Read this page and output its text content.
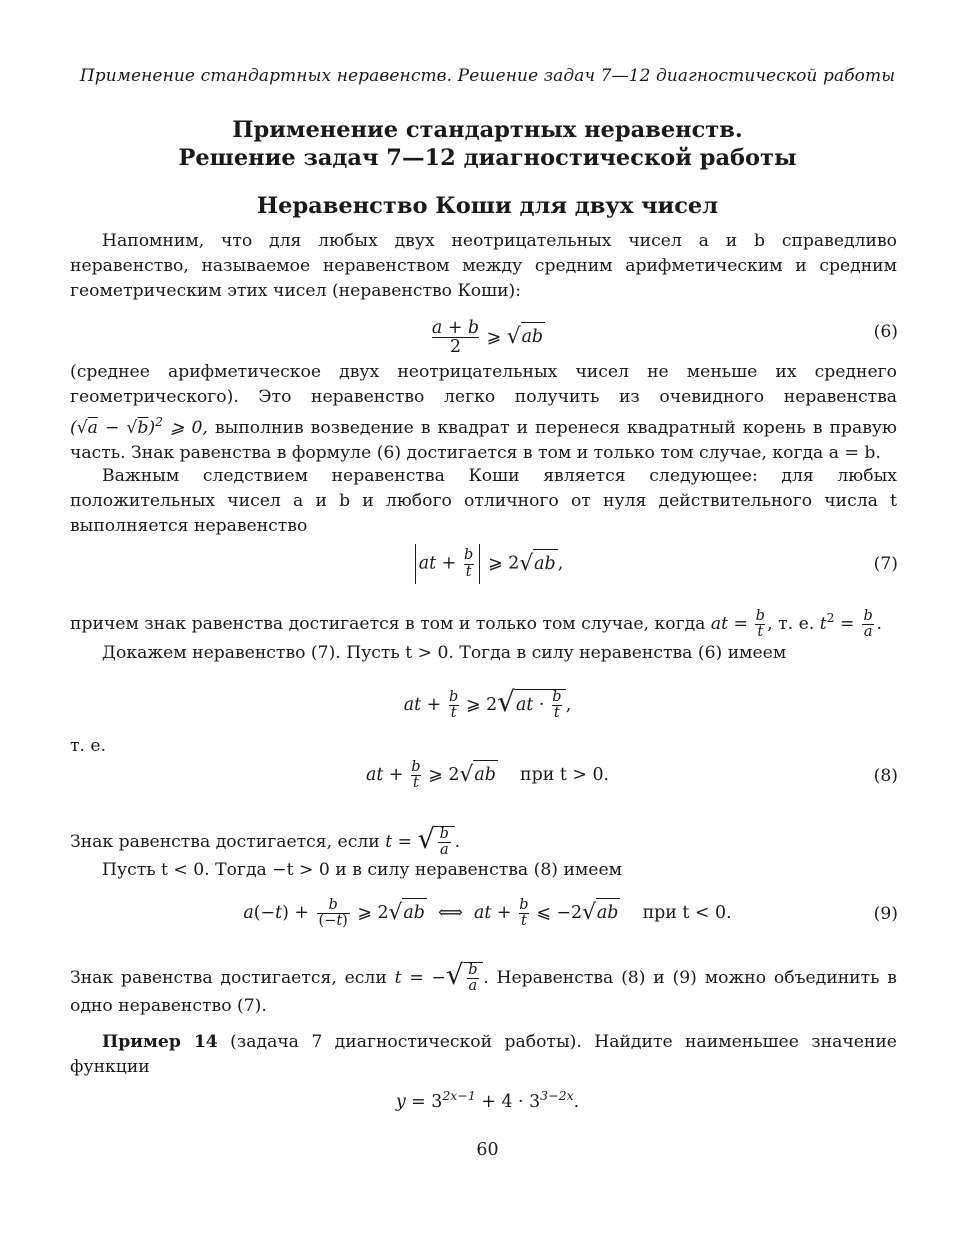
Применение стандартных неравенств. Решение задач 7—12 диагностической работы
Применение стандартных неравенств.
Решение задач 7—12 диагностической работы
Неравенство Коши для двух чисел

Напомним, что для любых двух неотрицательных чисел a и b справедливо неравенство, называемое неравенством между средним арифметическим и средним геометрическим этих чисел (неравенство Коши):

$\frac{a + b}{2}$ ⩾ √ab	(6)

(среднее арифметическое двух неотрицательных чисел не меньше их среднего геометрического). Это неравенство легко получить из очевидного неравенства $(√a - √b)^2$ ⩾ 0, выполнив возведение в квадрат и перенеся квадратный корень в правую часть. Знак равенства в формуле (6) достигается в том и только том случае, когда a = b.

Важным следствием неравенства Коши является следующее: для любых положительных чисел a и b и любого отличного от нуля действительного числа t выполняется неравенство

at + $\frac{b}{t}$ ⩾ 2√ab ,	(7)

причем знак равенства достигается в том и только том случае, когда at = $\frac{b}{t}$ , т. е. $t^2 = \frac{b}{a}$ .

Докажем неравенство (7). Пусть t > 0. Тогда в силу неравенства (6) имеем

at + $\frac{b}{t}$ ⩾ $2√at \cdot \frac{b}{t}$ ,

т. е.

at + $\frac{b}{t}$ ⩾ 2√ab при t > 0.	(8)

Знак равенства достигается, если t = √ $\frac{b}{a}$ .

Пусть t < 0. Тогда −t > 0 и в силу неравенства (8) имеем

$a(-t) + \frac{b}{(-t)}$ ⩾ 2√ab  ⟺  at + $\frac{b}{t}$ ⩽ −2√ab при t < 0.	(9)

Знак равенства достигается, если t = −√ $\frac{b}{a}$ . Неравенства (8) и (9) можно объединить в одно неравенство (7).

Пример 14 (задача 7 диагностической работы). Найдите наименьшее значение функции

$y = 3^{2x-1} + 4 \cdot 3^{3-2x}$.
60
